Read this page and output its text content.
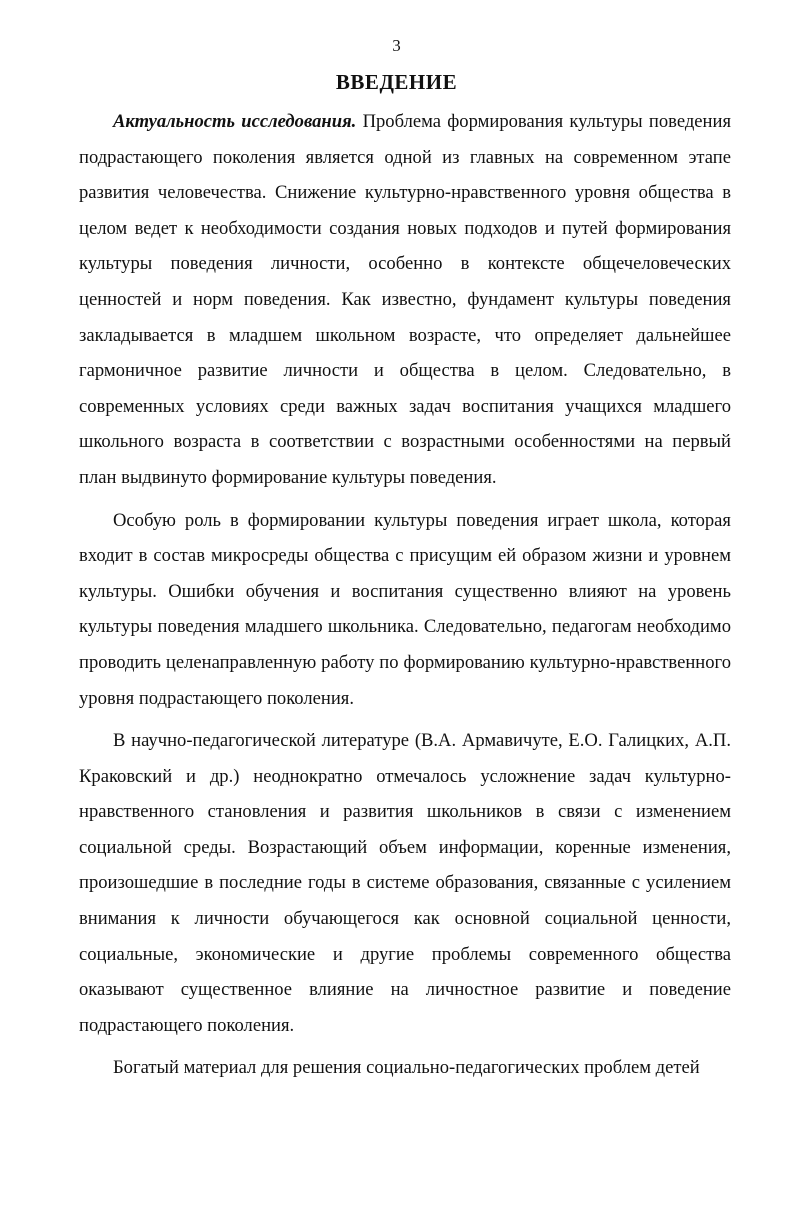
3
ВВЕДЕНИЕ

Актуальность исследования. Проблема формирования культуры поведения подрастающего поколения является одной из главных на современном этапе развития человечества. Снижение культурно-нравственного уровня общества в целом ведет к необходимости создания новых подходов и путей формирования культуры поведения личности, особенно в контексте общечеловеческих ценностей и норм поведения. Как известно, фундамент культуры поведения закладывается в младшем школьном возрасте, что определяет дальнейшее гармоничное развитие личности и общества в целом. Следовательно, в современных условиях среди важных задач воспитания учащихся младшего школьного возраста в соответствии с возрастными особенностями на первый план выдвинуто формирование культуры поведения.

Особую роль в формировании культуры поведения играет школа, которая входит в состав микросреды общества с присущим ей образом жизни и уровнем культуры. Ошибки обучения и воспитания существенно влияют на уровень культуры поведения младшего школьника. Следовательно, педагогам необходимо проводить целенаправленную работу по формированию культурно-нравственного уровня подрастающего поколения.

В научно-педагогической литературе (В.А. Армавичуте, Е.О. Галицких, А.П. Краковский и др.) неоднократно отмечалось усложнение задач культурно-нравственного становления и развития школьников в связи с изменением социальной среды. Возрастающий объем информации, коренные изменения, произошедшие в последние годы в системе образования, связанные с усилением внимания к личности обучающегося как основной социальной ценности, социальные, экономические и другие проблемы современного общества оказывают существенное влияние на личностное развитие и поведение подрастающего поколения.

Богатый материал для решения социально-педагогических проблем детей
